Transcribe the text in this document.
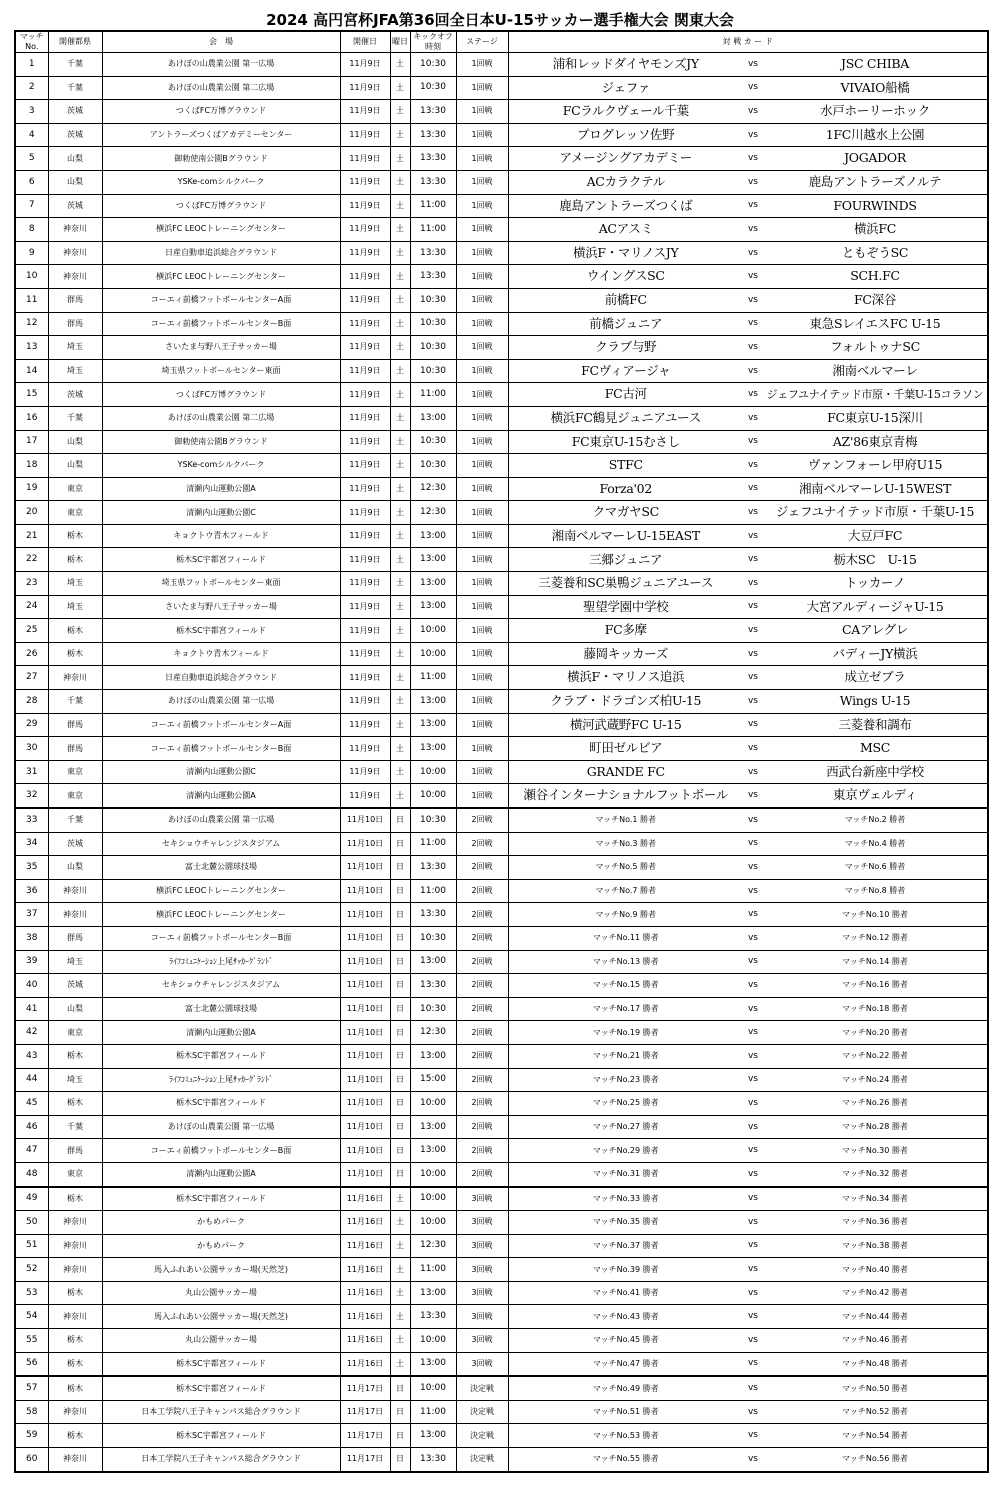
2024 高円宮杯JFA第36回全日本U-15サッカー選手権大会 関東大会
マッチ
No.	開催都県	会　場	開催日	曜日	キックオフ
時刻	ステージ	対 戦 カ ー ド		
1	千葉	あけぼの山農業公園 第一広場	11月9日	土	10:30	1回戦	浦和レッドダイヤモンズJY	vs	JSC CHIBA
2	千葉	あけぼの山農業公園 第二広場	11月9日	土	10:30	1回戦	ジェファ	vs	VIVAIO船橋
3	茨城	つくばFC万博グラウンド	11月9日	土	13:30	1回戦	FCラルクヴェール千葉	vs	水戸ホーリーホック
4	茨城	アントラーズつくばアカデミーセンター	11月9日	土	13:30	1回戦	プログレッソ佐野	vs	1FC川越水上公園
5	山梨	御勅使南公園Bグラウンド	11月9日	土	13:30	1回戦	アメージングアカデミー	vs	JOGADOR
6	山梨	YSKe-comシルクパーク	11月9日	土	13:30	1回戦	ACカラクテル	vs	鹿島アントラーズノルテ
7	茨城	つくばFC万博グラウンド	11月9日	土	11:00	1回戦	鹿島アントラーズつくば	vs	FOURWINDS
8	神奈川	横浜FC LEOCトレーニングセンター	11月9日	土	11:00	1回戦	ACアスミ	vs	横浜FC
9	神奈川	日産自動車追浜総合グラウンド	11月9日	土	13:30	1回戦	横浜F・マリノスJY	vs	ともぞうSC
10	神奈川	横浜FC LEOCトレーニングセンター	11月9日	土	13:30	1回戦	ウイングスSC	vs	SCH.FC
11	群馬	コーエィ前橋フットボールセンターA面	11月9日	土	10:30	1回戦	前橋FC	vs	FC深谷
12	群馬	コーエィ前橋フットボールセンターB面	11月9日	土	10:30	1回戦	前橋ジュニア	vs	東急SレイエスFC U-15
13	埼玉	さいたま与野八王子サッカー場	11月9日	土	10:30	1回戦	クラブ与野	vs	フォルトゥナSC
14	埼玉	埼玉県フットボールセンター東面	11月9日	土	10:30	1回戦	FCヴィアージャ	vs	湘南ベルマーレ
15	茨城	つくばFC万博グラウンド	11月9日	土	11:00	1回戦	FC古河	vs	ジェフユナイテッド市原・千葉U-15コラソン
16	千葉	あけぼの山農業公園 第二広場	11月9日	土	13:00	1回戦	横浜FC鶴見ジュニアユース	vs	FC東京U-15深川
17	山梨	御勅使南公園Bグラウンド	11月9日	土	10:30	1回戦	FC東京U-15むさし	vs	AZ'86東京青梅
18	山梨	YSKe-comシルクパーク	11月9日	土	10:30	1回戦	STFC	vs	ヴァンフォーレ甲府U15
19	東京	清瀬内山運動公園A	11月9日	土	12:30	1回戦	Forza'02	vs	湘南ベルマーレU-15WEST
20	東京	清瀬内山運動公園C	11月9日	土	12:30	1回戦	クマガヤSC	vs	ジェフユナイテッド市原・千葉U-15
21	栃木	キョクトウ青木フィールド	11月9日	土	13:00	1回戦	湘南ベルマーレU-15EAST	vs	大豆戸FC
22	栃木	栃木SC宇都宮フィールド	11月9日	土	13:00	1回戦	三郷ジュニア	vs	栃木SC　U-15
23	埼玉	埼玉県フットボールセンター東面	11月9日	土	13:00	1回戦	三菱養和SC巣鴨ジュニアユース	vs	トッカーノ
24	埼玉	さいたま与野八王子サッカー場	11月9日	土	13:00	1回戦	聖望学園中学校	vs	大宮アルディージャU-15
25	栃木	栃木SC宇都宮フィールド	11月9日	土	10:00	1回戦	FC多摩	vs	CAアレグレ
26	栃木	キョクトウ青木フィールド	11月9日	土	10:00	1回戦	藤岡キッカーズ	vs	バディーJY横浜
27	神奈川	日産自動車追浜総合グラウンド	11月9日	土	11:00	1回戦	横浜F・マリノス追浜	vs	成立ゼブラ
28	千葉	あけぼの山農業公園 第一広場	11月9日	土	13:00	1回戦	クラブ・ドラゴンズ柏U-15	vs	Wings U-15
29	群馬	コーエィ前橋フットボールセンターA面	11月9日	土	13:00	1回戦	横河武蔵野FC U-15	vs	三菱養和調布
30	群馬	コーエィ前橋フットボールセンターB面	11月9日	土	13:00	1回戦	町田ゼルビア	vs	MSC
31	東京	清瀬内山運動公園C	11月9日	土	10:00	1回戦	GRANDE FC	vs	西武台新座中学校
32	東京	清瀬内山運動公園A	11月9日	土	10:00	1回戦	瀬谷インターナショナルフットボール	vs	東京ヴェルディ
33	千葉	あけぼの山農業公園 第一広場	11月10日	日	10:30	2回戦	マッチNo.1 勝者	vs	マッチNo.2 勝者
34	茨城	セキショウチャレンジスタジアム	11月10日	日	11:00	2回戦	マッチNo.3 勝者	vs	マッチNo.4 勝者
35	山梨	富士北麓公園球技場	11月10日	日	13:30	2回戦	マッチNo.5 勝者	vs	マッチNo.6 勝者
36	神奈川	横浜FC LEOCトレーニングセンター	11月10日	日	11:00	2回戦	マッチNo.7 勝者	vs	マッチNo.8 勝者
37	神奈川	横浜FC LEOCトレーニングセンター	11月10日	日	13:30	2回戦	マッチNo.9 勝者	vs	マッチNo.10 勝者
38	群馬	コーエィ前橋フットボールセンターB面	11月10日	日	10:30	2回戦	マッチNo.11 勝者	vs	マッチNo.12 勝者
39	埼玉	ﾗｲﾌｺﾐｭﾆｹｰｼｮﾝ上尾ｻｯｶｰｸﾞﾗﾝﾄﾞ	11月10日	日	13:00	2回戦	マッチNo.13 勝者	vs	マッチNo.14 勝者
40	茨城	セキショウチャレンジスタジアム	11月10日	日	13:30	2回戦	マッチNo.15 勝者	vs	マッチNo.16 勝者
41	山梨	富士北麓公園球技場	11月10日	日	10:30	2回戦	マッチNo.17 勝者	vs	マッチNo.18 勝者
42	東京	清瀬内山運動公園A	11月10日	日	12:30	2回戦	マッチNo.19 勝者	vs	マッチNo.20 勝者
43	栃木	栃木SC宇都宮フィールド	11月10日	日	13:00	2回戦	マッチNo.21 勝者	vs	マッチNo.22 勝者
44	埼玉	ﾗｲﾌｺﾐｭﾆｹｰｼｮﾝ上尾ｻｯｶｰｸﾞﾗﾝﾄﾞ	11月10日	日	15:00	2回戦	マッチNo.23 勝者	vs	マッチNo.24 勝者
45	栃木	栃木SC宇都宮フィールド	11月10日	日	10:00	2回戦	マッチNo.25 勝者	vs	マッチNo.26 勝者
46	千葉	あけぼの山農業公園 第一広場	11月10日	日	13:00	2回戦	マッチNo.27 勝者	vs	マッチNo.28 勝者
47	群馬	コーエィ前橋フットボールセンターB面	11月10日	日	13:00	2回戦	マッチNo.29 勝者	vs	マッチNo.30 勝者
48	東京	清瀬内山運動公園A	11月10日	日	10:00	2回戦	マッチNo.31 勝者	vs	マッチNo.32 勝者
49	栃木	栃木SC宇都宮フィールド	11月16日	土	10:00	3回戦	マッチNo.33 勝者	vs	マッチNo.34 勝者
50	神奈川	かもめパーク	11月16日	土	10:00	3回戦	マッチNo.35 勝者	vs	マッチNo.36 勝者
51	神奈川	かもめパーク	11月16日	土	12:30	3回戦	マッチNo.37 勝者	vs	マッチNo.38 勝者
52	神奈川	馬入ふれあい公園サッカー場(天然芝)	11月16日	土	11:00	3回戦	マッチNo.39 勝者	vs	マッチNo.40 勝者
53	栃木	丸山公園サッカー場	11月16日	土	13:00	3回戦	マッチNo.41 勝者	vs	マッチNo.42 勝者
54	神奈川	馬入ふれあい公園サッカー場(天然芝)	11月16日	土	13:30	3回戦	マッチNo.43 勝者	vs	マッチNo.44 勝者
55	栃木	丸山公園サッカー場	11月16日	土	10:00	3回戦	マッチNo.45 勝者	vs	マッチNo.46 勝者
56	栃木	栃木SC宇都宮フィールド	11月16日	土	13:00	3回戦	マッチNo.47 勝者	vs	マッチNo.48 勝者
57	栃木	栃木SC宇都宮フィールド	11月17日	日	10:00	決定戦	マッチNo.49 勝者	vs	マッチNo.50 勝者
58	神奈川	日本工学院八王子キャンパス総合グラウンド	11月17日	日	11:00	決定戦	マッチNo.51 勝者	vs	マッチNo.52 勝者
59	栃木	栃木SC宇都宮フィールド	11月17日	日	13:00	決定戦	マッチNo.53 勝者	vs	マッチNo.54 勝者
60	神奈川	日本工学院八王子キャンパス総合グラウンド	11月17日	日	13:30	決定戦	マッチNo.55 勝者	vs	マッチNo.56 勝者
